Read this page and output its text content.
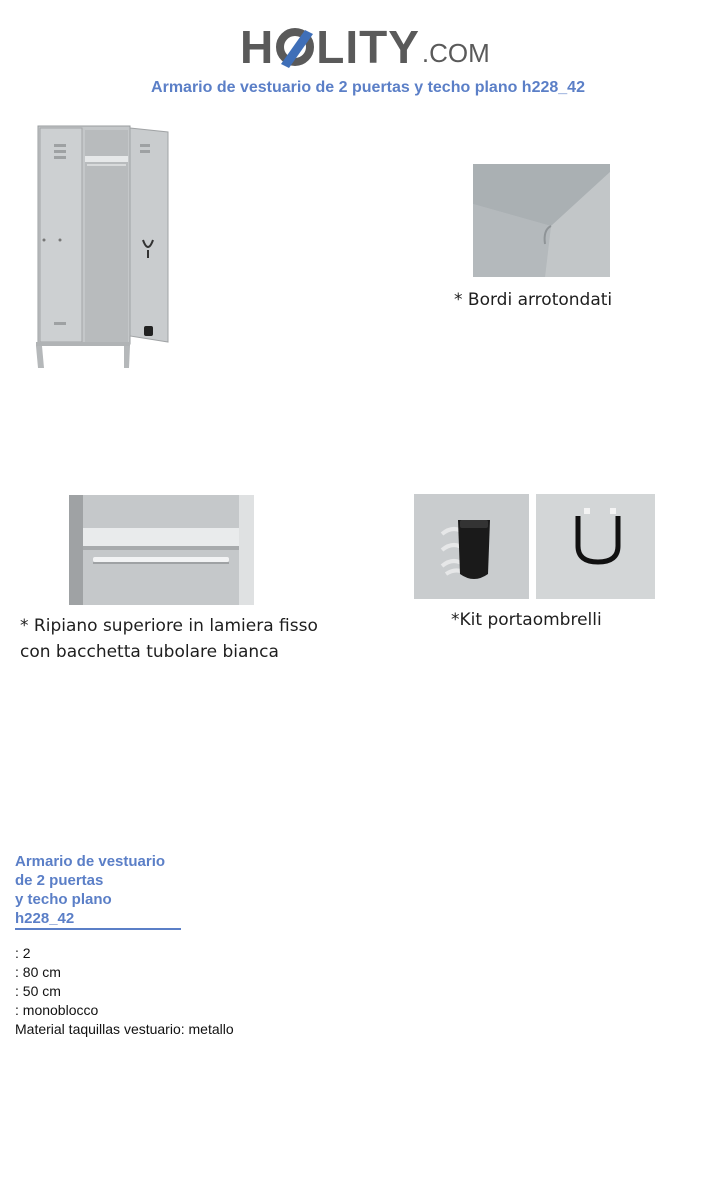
H LITY .COM
Armario de vestuario de 2 puertas y techo plano h228_42
* Bordi arrotondati
* Ripiano superiore in lamiera fisso
con bacchetta tubolare bianca
*Kit portaombrelli
Armario de vestuario
de 2 puertas
y techo plano
h228_42
: 2
: 80 cm
: 50 cm
: monoblocco
Material taquillas vestuario: metallo
